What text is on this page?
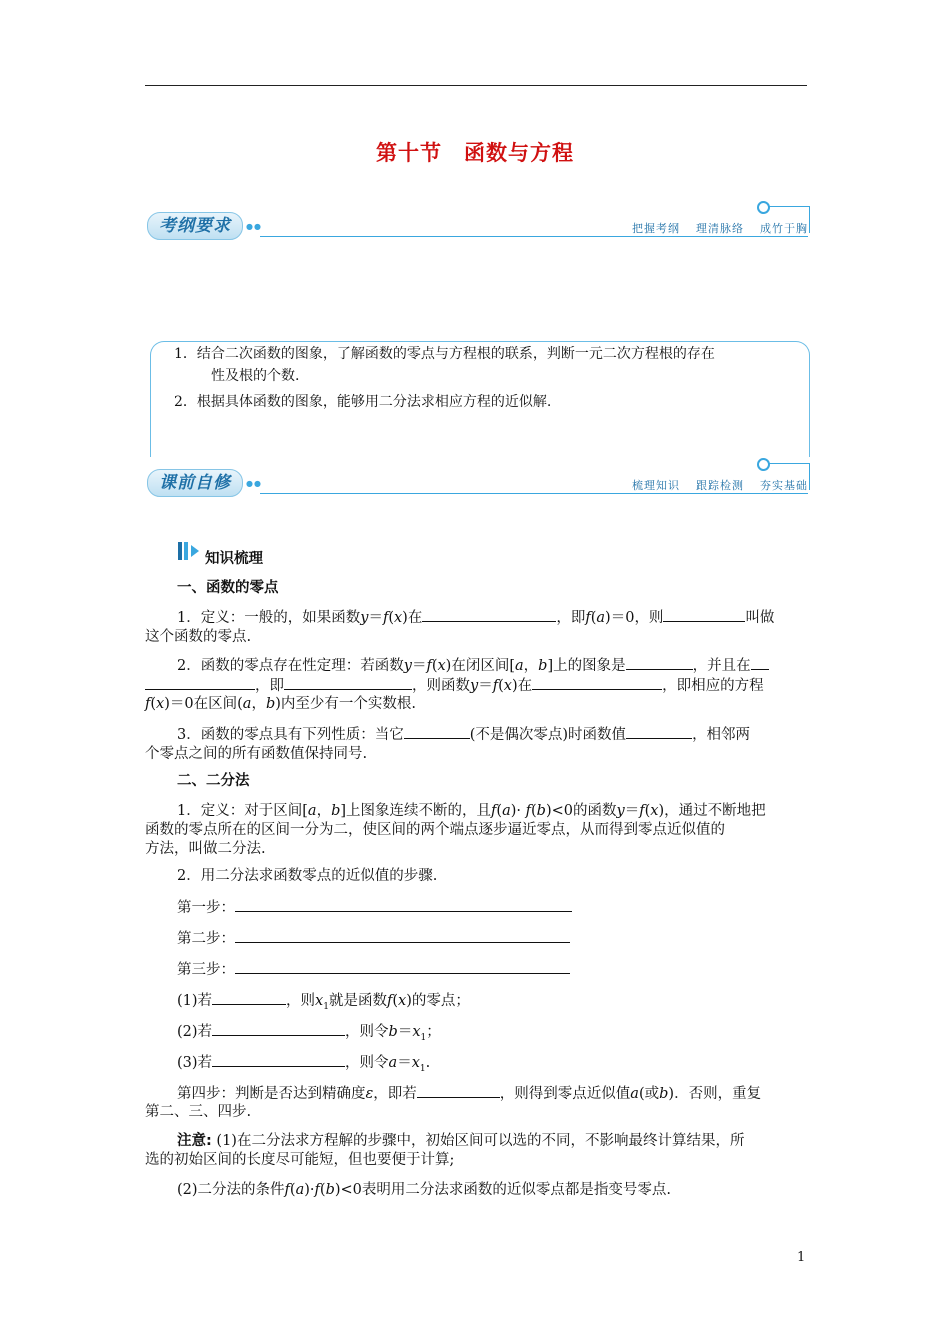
第十节　函数与方程
考纲要求	●●	把握考纲 理清脉络 成竹于胸
1．结合二次函数的图象，了解函数的零点与方程根的联系，判断一元二次方程根的存在
性及根的个数.
2．根据具体函数的图象，能够用二分法求相应方程的近似解.
课前自修	●●	梳理知识 跟踪检测 夯实基础
知识梳理
一、函数的零点
1．定义：一般的，如果函数y＝f(x)在	，即f(a)＝0，则	叫做
这个函数的零点.
2．函数的零点存在性定理：若函数y＝f(x)在闭区间[a，b]上的图象是	，并且在
，即	，则函数y＝f(x)在	，即相应的方程
f(x)＝0在区间(a，b)内至少有一个实数根.
3．函数的零点具有下列性质：当它	(不是偶次零点)时函数值	，相邻两
个零点之间的所有函数值保持同号.
二、二分法
1．定义：对于区间[a，b]上图象连续不断的，且f(a)· f(b)<0的函数y＝f(x)，通过不断地把
函数的零点所在的区间一分为二，使区间的两个端点逐步逼近零点，从而得到零点近似值的
方法，叫做二分法.
2．用二分法求函数零点的近似值的步骤.
第一步：
第二步：
第三步：
(1)若	，则$x_1$就是函数f(x)的零点；
(2)若	，则令$b=x_1$；
(3)若	，则令$a=x_1$.
第四步：判断是否达到精确度ε，即若	，则得到零点近似值a(或b)．否则，重复
第二、三、四步.
注意: (1)在二分法求方程解的步骤中，初始区间可以选的不同，不影响最终计算结果，所
选的初始区间的长度尽可能短，但也要便于计算;
(2)二分法的条件f(a)·f(b)<0表明用二分法求函数的近似零点都是指变号零点.
1
